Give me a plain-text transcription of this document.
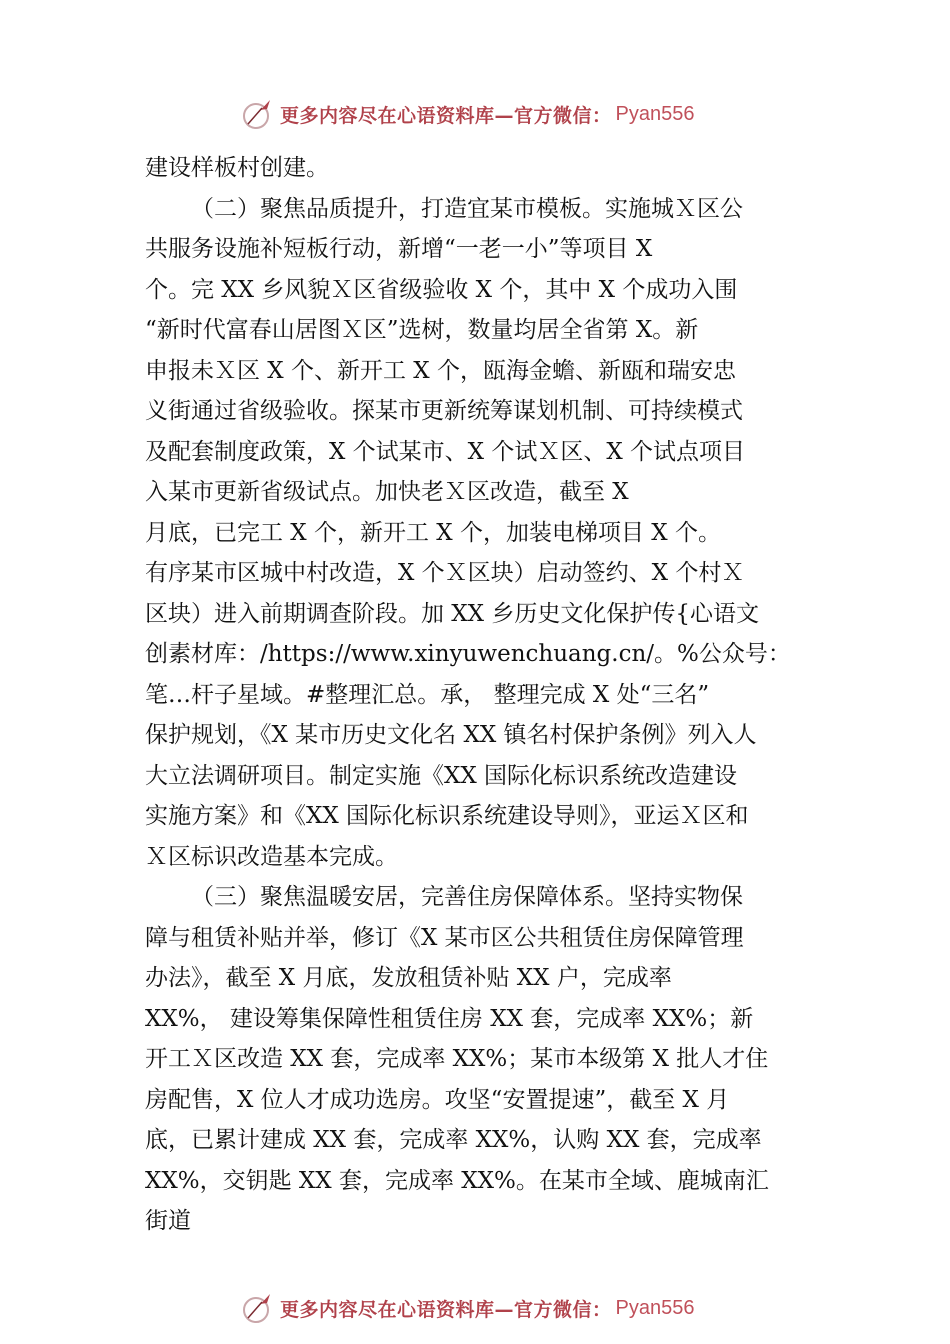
更多内容尽在心语资料库—官方微信： Pyan556
建设样板村创建。
（二）聚焦品质提升，打造宜某市模板。实施城Ｘ区公
共服务设施补短板行动，新增“一老一小”等项目 X
个。完 XX 乡风貌Ｘ区省级验收 X 个，其中 X 个成功入围
“新时代富春山居图Ｘ区”选树，数量均居全省第 X。新
申报未Ｘ区 X 个、新开工 X 个，瓯海金蟾、新瓯和瑞安忠
义街通过省级验收。探某市更新统筹谋划机制、可持续模式
及配套制度政策，X 个试某市、X 个试Ｘ区、X 个试点项目
入某市更新省级试点。加快老Ｘ区改造，截至 X
月底，已完工 X 个，新开工 X 个，加装电梯项目 X 个。
有序某市区城中村改造，X 个Ｘ区块）启动签约、X 个村Ｘ
区块）进入前期调查阶段。加 XX 乡历史文化保护传{心语文
创素材库：/https://www.xinyuwenchuang.cn/。%公众号：
笔…杆子星域。#整理汇总。承， 整理完成 X 处“三名”
保护规划，《X 某市历史文化名 XX 镇名村保护条例》列入人
大立法调研项目。制定实施《XX 国际化标识系统改造建设
实施方案》和《XX 国际化标识系统建设导则》，亚运Ｘ区和
Ｘ区标识改造基本完成。
（三）聚焦温暖安居，完善住房保障体系。坚持实物保
障与租赁补贴并举，修订《X 某市区公共租赁住房保障管理
办法》，截至 X 月底，发放租赁补贴 XX 户，完成率
XX%， 建设筹集保障性租赁住房 XX 套，完成率 XX%；新
开工Ｘ区改造 XX 套，完成率 XX%；某市本级第 X 批人才住
房配售，X 位人才成功选房。攻坚“安置提速”，截至 X 月
底，已累计建成 XX 套，完成率 XX%，认购 XX 套，完成率
XX%，交钥匙 XX 套，完成率 XX%。在某市全域、鹿城南汇
街道
更多内容尽在心语资料库—官方微信： Pyan556
